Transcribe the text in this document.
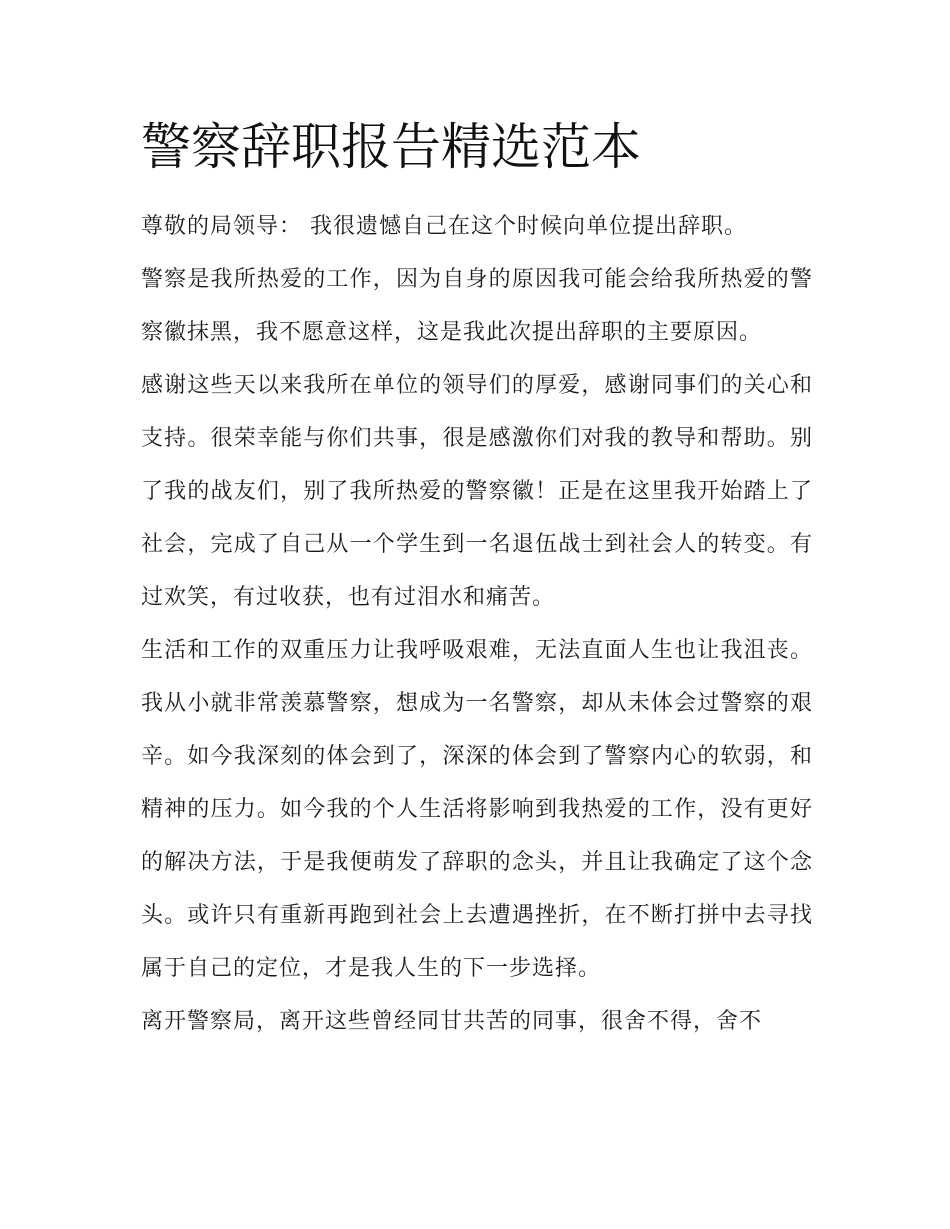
警察辞职报告精选范本

尊敬的局领导： 我很遗憾自己在这个时候向单位提出辞职。

警察是我所热爱的工作，因为自身的原因我可能会给我所热爱的警察徽抹黑，我不愿意这样，这是我此次提出辞职的主要原因。

感谢这些天以来我所在单位的领导们的厚爱，感谢同事们的关心和支持。很荣幸能与你们共事，很是感激你们对我的教导和帮助。别了我的战友们，别了我所热爱的警察徽！正是在这里我开始踏上了社会，完成了自己从一个学生到一名退伍战士到社会人的转变。有过欢笑，有过收获，也有过泪水和痛苦。

生活和工作的双重压力让我呼吸艰难，无法直面人生也让我沮丧。我从小就非常羡慕警察，想成为一名警察，却从未体会过警察的艰辛。如今我深刻的体会到了，深深的体会到了警察内心的软弱，和精神的压力。如今我的个人生活将影响到我热爱的工作，没有更好的解决方法，于是我便萌发了辞职的念头，并且让我确定了这个念头。或许只有重新再跑到社会上去遭遇挫折，在不断打拼中去寻找属于自己的定位，才是我人生的下一步选择。

离开警察局，离开这些曾经同甘共苦的同事，很舍不得，舍不
